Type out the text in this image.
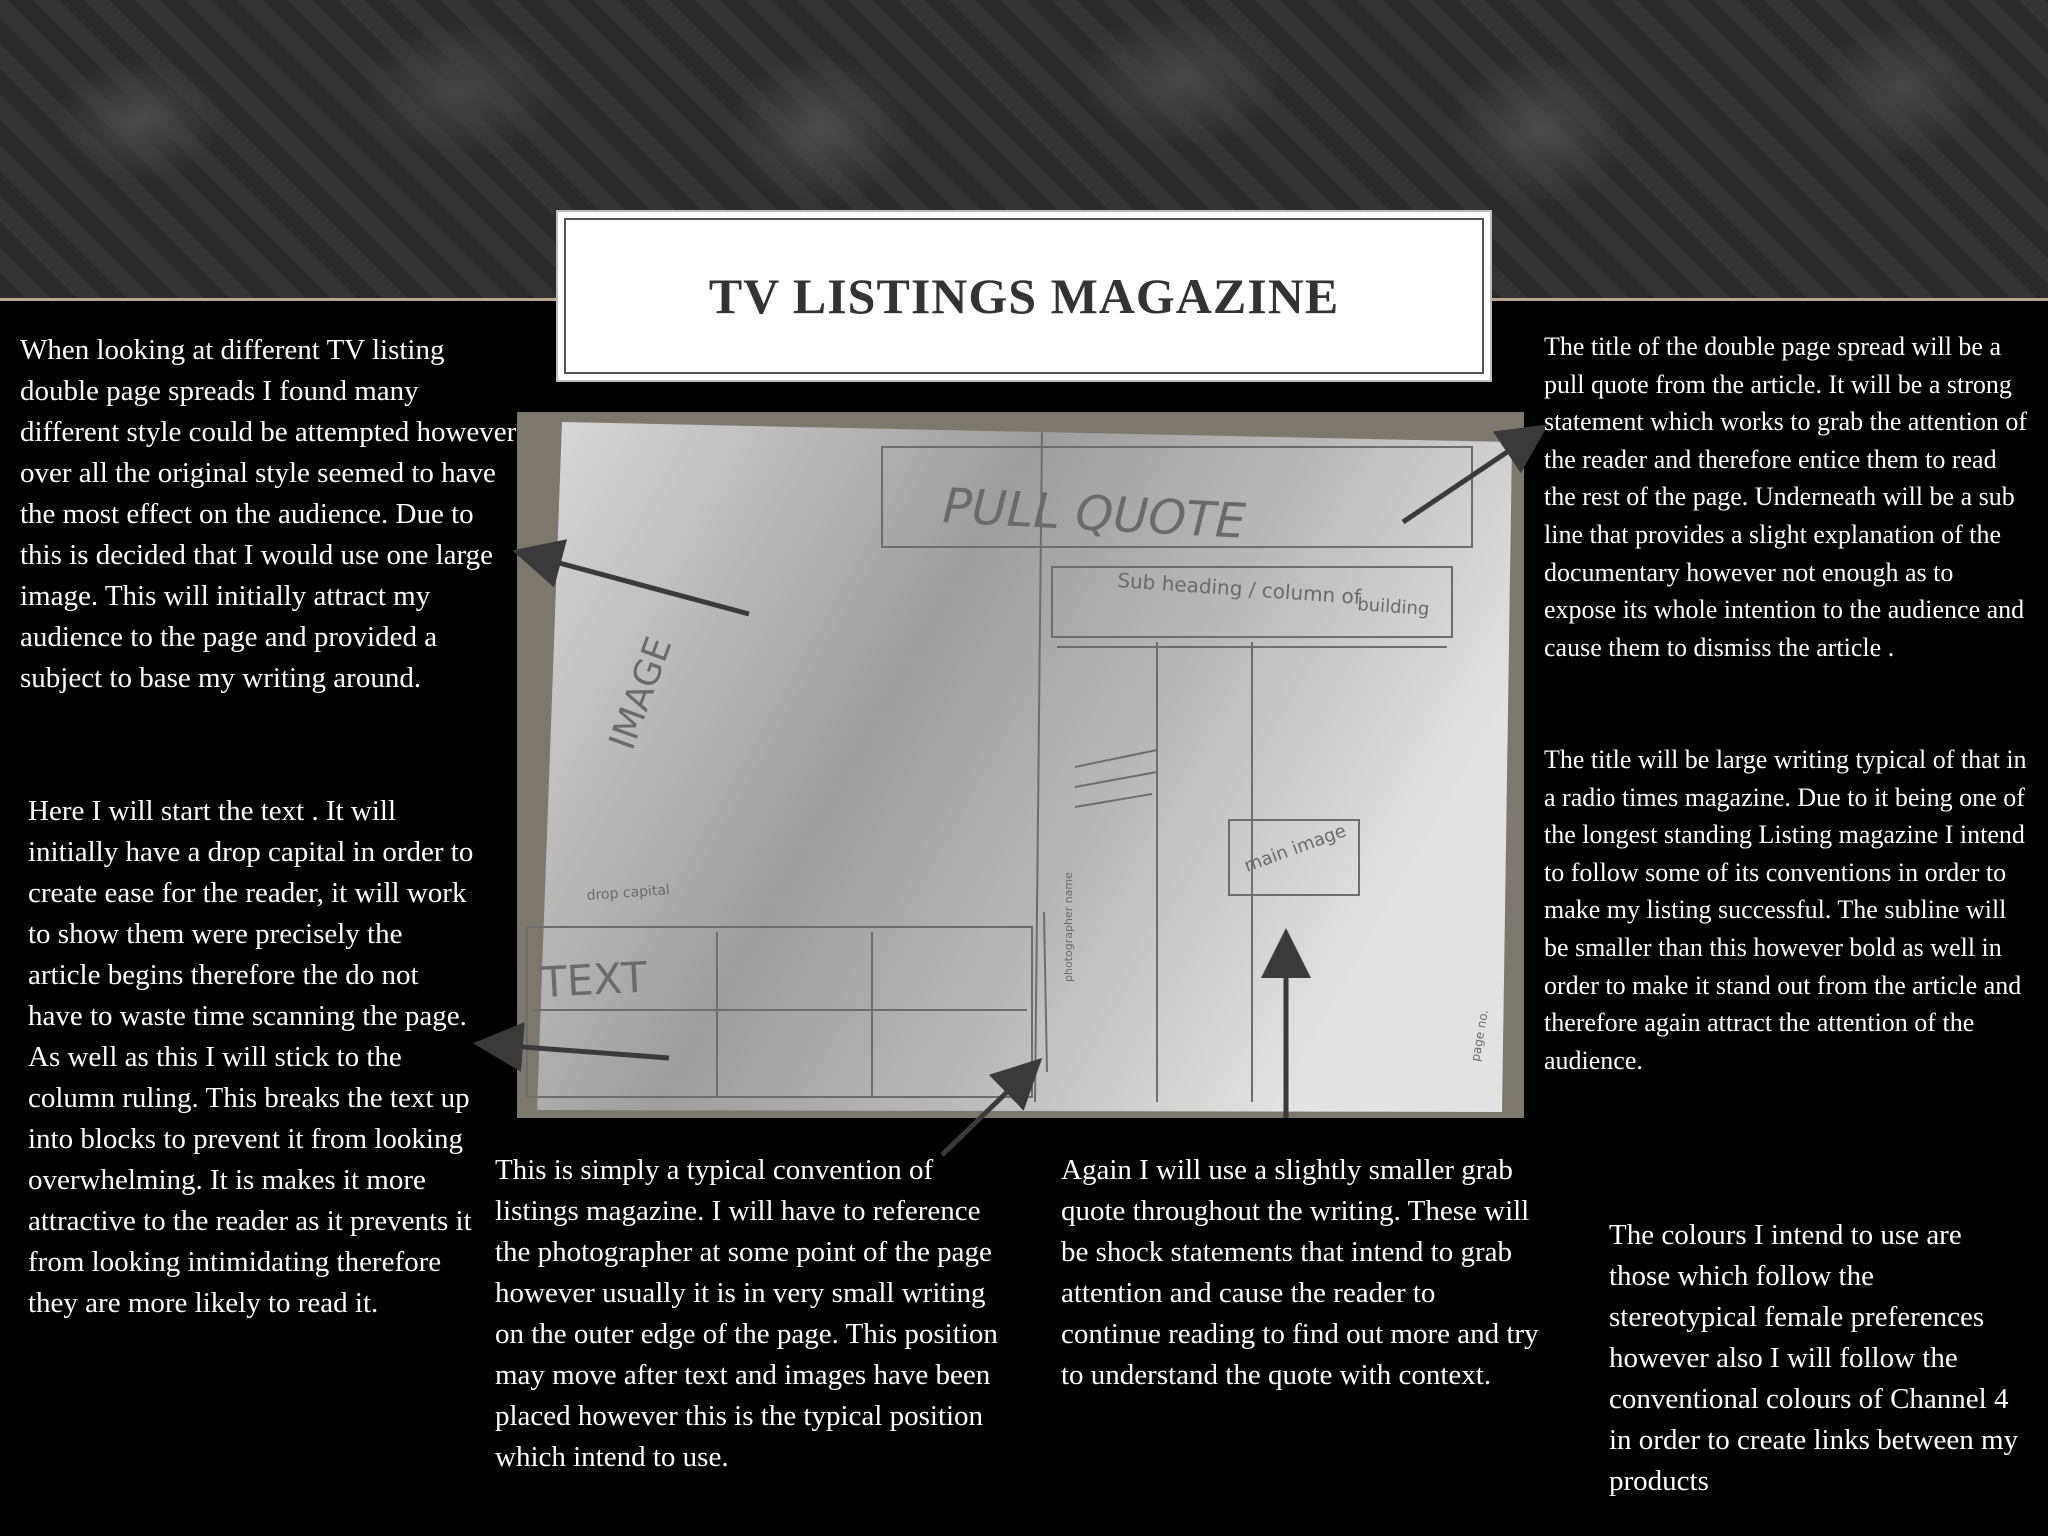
TV LISTINGS MAGAZINE
PULL QUOTE
Sub heading / column of
building
IMAGE
TEXT
drop capital
main image
photographer name
page no.

When looking at different TV listing double page spreads I found many different style could be attempted however over all the original style seemed to have the most effect on the audience. Due to this is decided that I would use one large image. This will initially attract my audience to the page and provided a subject to base my writing around.

Here I will start the text . It will initially have a drop capital in order to create ease for the reader, it will work to show them were precisely the article begins therefore the do not have to waste time scanning the page. As well as this I will stick to the column ruling. This breaks the text up into blocks to prevent it from looking overwhelming. It is makes it more attractive to the reader as it prevents it from looking intimidating therefore they are more likely to read it.

The title of the double page spread will be a pull quote from the article. It will be a strong statement which works to grab the attention of the reader and therefore entice them to read the rest of the page. Underneath will be a sub line that provides a slight explanation of the documentary however not enough as to expose its whole intention to the audience and cause them to dismiss the article .

The title will be large writing typical of that in a radio times magazine. Due to it being one of the longest standing Listing magazine I intend to follow some of its conventions in order to make my listing successful. The subline will be smaller than this however bold as well in order to make it stand out from the article and therefore again attract the attention of the audience.

This is simply a typical convention of listings magazine. I will have to reference the photographer at some point of the page however usually it is in very small writing on the outer edge of the page. This position may move after text and images have been placed however this is the typical position which intend to use.

Again I will use a slightly smaller grab quote throughout the writing. These will be shock statements that intend to grab attention and cause the reader to continue reading to find out more and try to understand the quote with context.

The colours I intend to use are those which follow the stereotypical female preferences however also I will follow the conventional colours of Channel 4 in order to create links between my products
